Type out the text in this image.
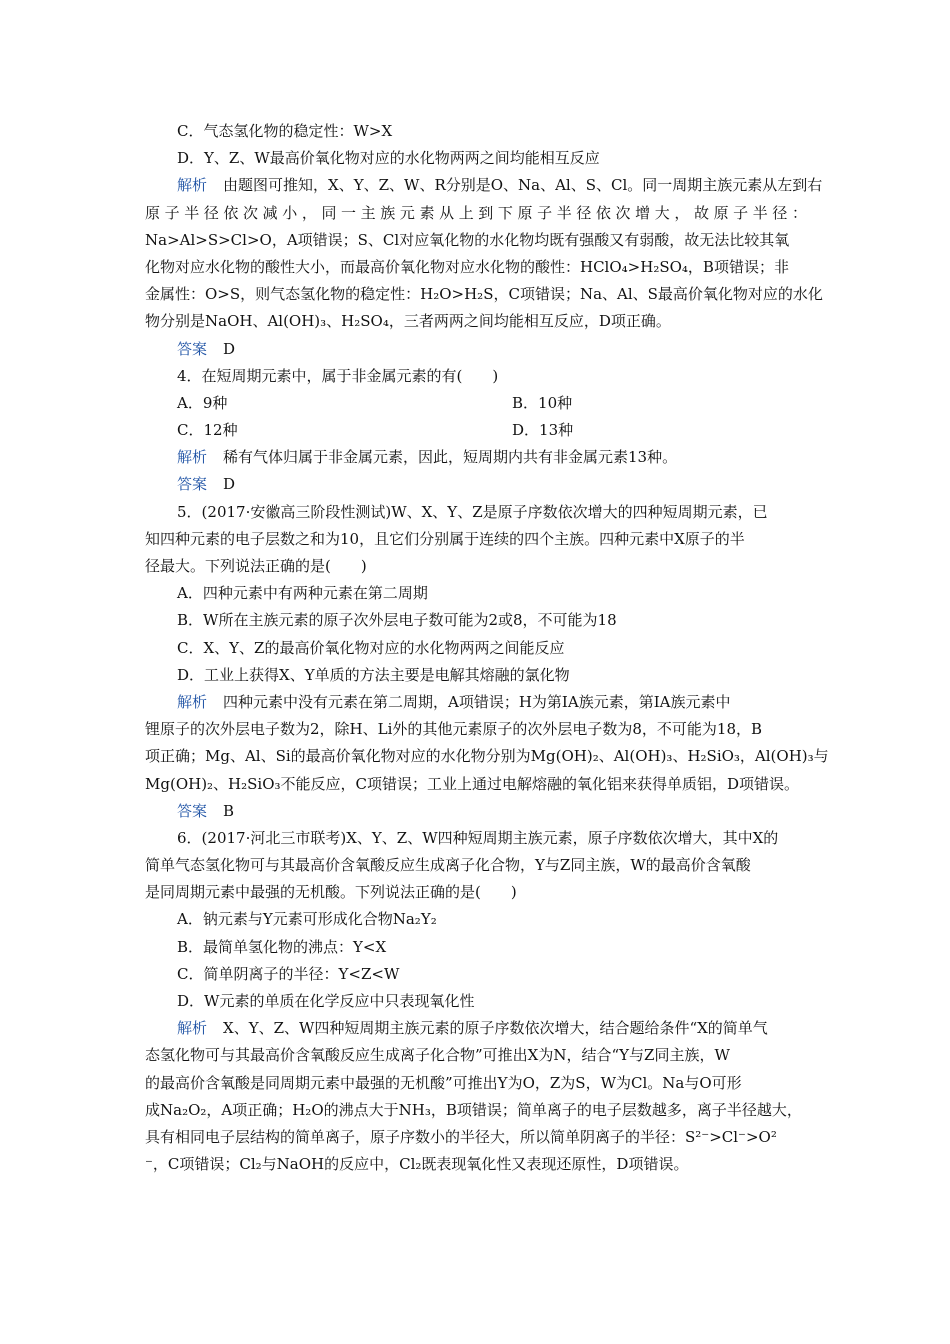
C．气态氢化物的稳定性：W>X
D．Y、Z、W最高价氧化物对应的水化物两两之间均能相互反应
解析 由题图可推知，X、Y、Z、W、R分别是O、Na、Al、S、Cl。同一周期主族元素从左到右
原子半径依次减小，同一主族元素从上到下原子半径依次增大，故原子半径：
Na>Al>S>Cl>O，A项错误；S、Cl对应氧化物的水化物均既有强酸又有弱酸，故无法比较其氧
化物对应水化物的酸性大小，而最高价氧化物对应水化物的酸性：HClO₄>H₂SO₄，B项错误；非
金属性：O>S，则气态氢化物的稳定性：H₂O>H₂S，C项错误；Na、Al、S最高价氧化物对应的水化
物分别是NaOH、Al(OH)₃、H₂SO₄，三者两两之间均能相互反应，D项正确。
答案 D
4．在短周期元素中，属于非金属元素的有(　　)
A．9种	B．10种
C．12种	D．13种
解析 稀有气体归属于非金属元素，因此，短周期内共有非金属元素13种。
答案 D
5．(2017·安徽高三阶段性测试)W、X、Y、Z是原子序数依次增大的四种短周期元素，已
知四种元素的电子层数之和为10，且它们分别属于连续的四个主族。四种元素中X原子的半
径最大。下列说法正确的是(　　)
A．四种元素中有两种元素在第二周期
B．W所在主族元素的原子次外层电子数可能为2或8，不可能为18
C．X、Y、Z的最高价氧化物对应的水化物两两之间能反应
D．工业上获得X、Y单质的方法主要是电解其熔融的氯化物
解析 四种元素中没有元素在第二周期，A项错误；H为第ⅠA族元素，第ⅠA族元素中
锂原子的次外层电子数为2，除H、Li外的其他元素原子的次外层电子数为8，不可能为18，B
项正确；Mg、Al、Si的最高价氧化物对应的水化物分别为Mg(OH)₂、Al(OH)₃、H₂SiO₃，Al(OH)₃与
Mg(OH)₂、H₂SiO₃不能反应，C项错误；工业上通过电解熔融的氧化铝来获得单质铝，D项错误。
答案 B
6．(2017·河北三市联考)X、Y、Z、W四种短周期主族元素，原子序数依次增大，其中X的
简单气态氢化物可与其最高价含氧酸反应生成离子化合物，Y与Z同主族，W的最高价含氧酸
是同周期元素中最强的无机酸。下列说法正确的是(　　)
A．钠元素与Y元素可形成化合物Na₂Y₂
B．最简单氢化物的沸点：Y<X
C．简单阴离子的半径：Y<Z<W
D．W元素的单质在化学反应中只表现氧化性
解析 X、Y、Z、W四种短周期主族元素的原子序数依次增大，结合题给条件“X的简单气
态氢化物可与其最高价含氧酸反应生成离子化合物”可推出X为N，结合“Y与Z同主族，W
的最高价含氧酸是同周期元素中最强的无机酸”可推出Y为O，Z为S，W为Cl。Na与O可形
成Na₂O₂，A项正确；H₂O的沸点大于NH₃，B项错误；简单离子的电子层数越多，离子半径越大，
具有相同电子层结构的简单离子，原子序数小的半径大，所以简单阴离子的半径：S²⁻>Cl⁻>O²
⁻，C项错误；Cl₂与NaOH的反应中，Cl₂既表现氧化性又表现还原性，D项错误。
